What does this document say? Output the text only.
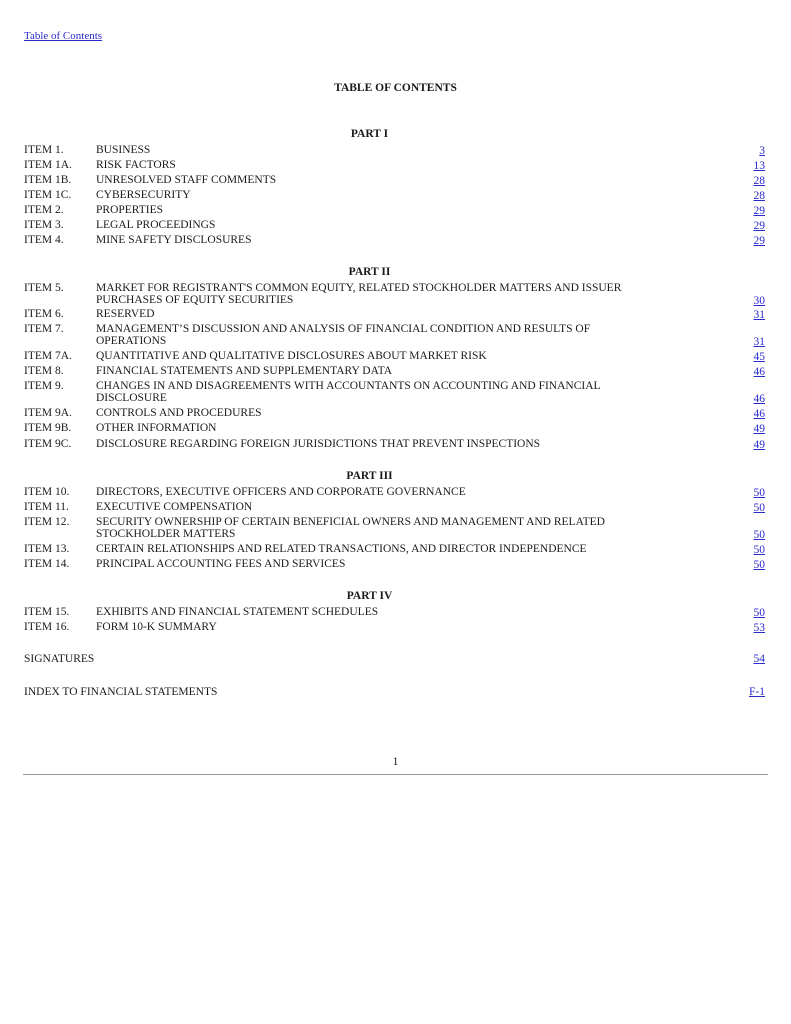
Table of Contents
TABLE OF CONTENTS
PART I
ITEM 1.	BUSINESS	3
ITEM 1A. RISK FACTORS	13
ITEM 1B. UNRESOLVED STAFF COMMENTS	28
ITEM 1C. CYBERSECURITY	28
ITEM 2.	PROPERTIES	29
ITEM 3.	LEGAL PROCEEDINGS	29
ITEM 4.	MINE SAFETY DISCLOSURES	29
PART II
ITEM 5.	MARKET FOR REGISTRANT'S COMMON EQUITY, RELATED STOCKHOLDER MATTERS AND ISSUER PURCHASES OF EQUITY SECURITIES	30
ITEM 6.	RESERVED	31
ITEM 7.	MANAGEMENT’S DISCUSSION AND ANALYSIS OF FINANCIAL CONDITION AND RESULTS OF OPERATIONS	31
ITEM 7A. QUANTITATIVE AND QUALITATIVE DISCLOSURES ABOUT MARKET RISK	45
ITEM 8.	FINANCIAL STATEMENTS AND SUPPLEMENTARY DATA	46
ITEM 9.	CHANGES IN AND DISAGREEMENTS WITH ACCOUNTANTS ON ACCOUNTING AND FINANCIAL DISCLOSURE	46
ITEM 9A. CONTROLS AND PROCEDURES	46
ITEM 9B. OTHER INFORMATION	49
ITEM 9C. DISCLOSURE REGARDING FOREIGN JURISDICTIONS THAT PREVENT INSPECTIONS	49
PART III
ITEM 10. DIRECTORS, EXECUTIVE OFFICERS AND CORPORATE GOVERNANCE	50
ITEM 11. EXECUTIVE COMPENSATION	50
ITEM 12. SECURITY OWNERSHIP OF CERTAIN BENEFICIAL OWNERS AND MANAGEMENT AND RELATED STOCKHOLDER MATTERS	50
ITEM 13. CERTAIN RELATIONSHIPS AND RELATED TRANSACTIONS, AND DIRECTOR INDEPENDENCE	50
ITEM 14. PRINCIPAL ACCOUNTING FEES AND SERVICES	50
PART IV
ITEM 15. EXHIBITS AND FINANCIAL STATEMENT SCHEDULES	50
ITEM 16. FORM 10-K SUMMARY	53
SIGNATURES	54
INDEX TO FINANCIAL STATEMENTS	F-1
1
